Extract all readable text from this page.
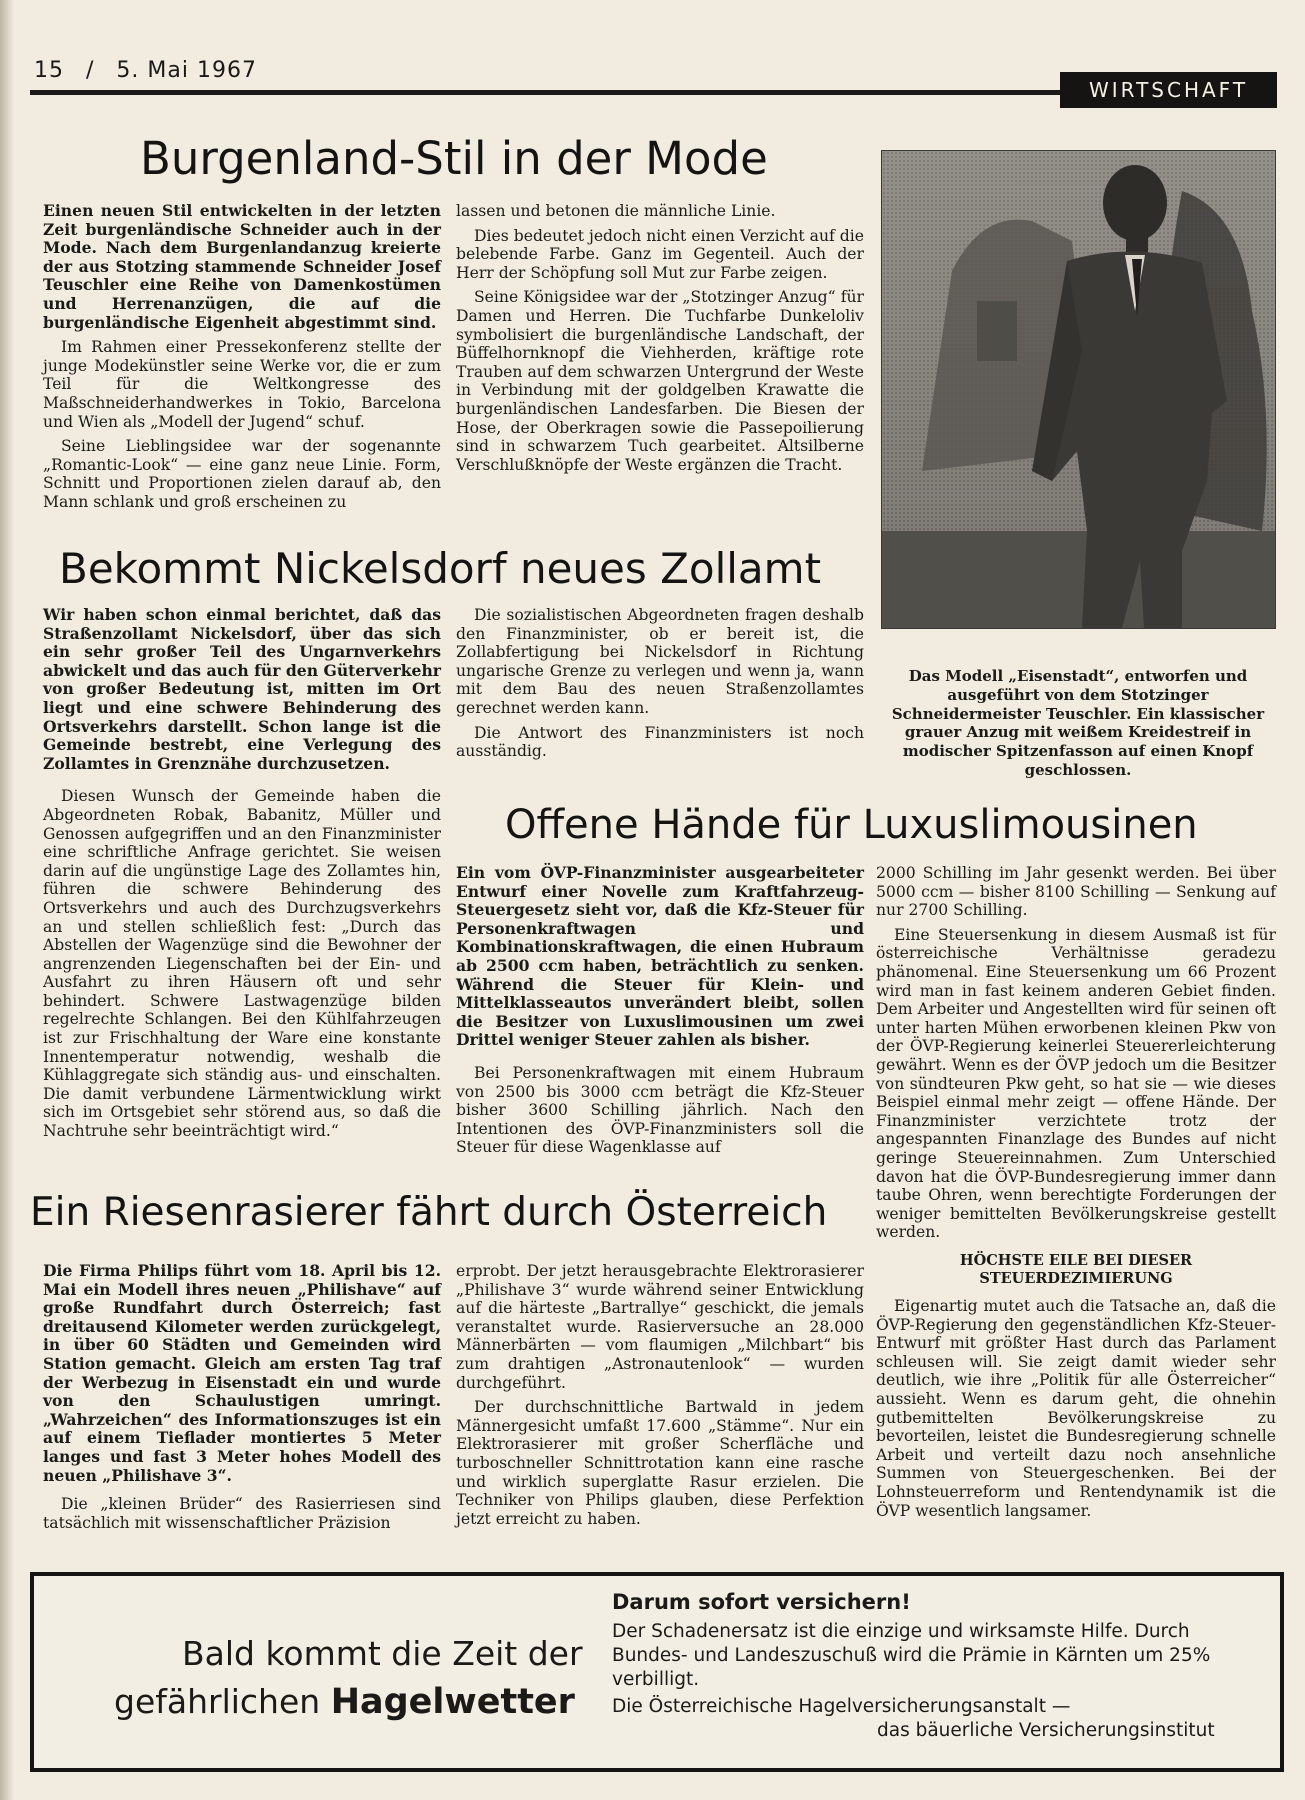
15 / 5. Mai 1967
WIRTSCHAFT
Burgenland-Stil in der Mode

Einen neuen Stil entwickelten in der letzten Zeit burgenländische Schneider auch in der Mode. Nach dem Burgenlandanzug kreierte der aus Stotzing stammende Schneider Josef Teuschler eine Reihe von Damenkostümen und Herrenanzügen, die auf die burgenländische Eigenheit abgestimmt sind.

Im Rahmen einer Pressekonferenz stellte der junge Modekünstler seine Werke vor, die er zum Teil für die Weltkongresse des Maßschneiderhandwerkes in Tokio, Barcelona und Wien als „Modell der Jugend“ schuf.

Seine Lieblingsidee war der sogenannte „Romantic-Look“ — eine ganz neue Linie. Form, Schnitt und Proportionen zielen darauf ab, den Mann schlank und groß erscheinen zu

lassen und betonen die männliche Linie.

Dies bedeutet jedoch nicht einen Verzicht auf die belebende Farbe. Ganz im Gegenteil. Auch der Herr der Schöpfung soll Mut zur Farbe zeigen.

Seine Königsidee war der „Stotzinger Anzug“ für Damen und Herren. Die Tuchfarbe Dunkeloliv symbolisiert die burgenländische Landschaft, der Büffelhornknopf die Viehherden, kräftige rote Trauben auf dem schwarzen Untergrund der Weste in Verbindung mit der goldgelben Krawatte die burgenländischen Landesfarben. Die Biesen der Hose, der Oberkragen sowie die Passepoilierung sind in schwarzem Tuch gearbeitet. Altsilberne Verschlußknöpfe der Weste ergänzen die Tracht.

Das Modell „Eisenstadt“, entworfen und ausgeführt von dem Stotzinger Schneidermeister Teuschler. Ein klassischer grauer Anzug mit weißem Kreidestreif in modischer Spitzenfasson auf einen Knopf geschlossen.
Bekommt Nickelsdorf neues Zollamt

Wir haben schon einmal berichtet, daß das Straßenzollamt Nickelsdorf, über das sich ein sehr großer Teil des Ungarnverkehrs abwickelt und das auch für den Güterverkehr von großer Bedeutung ist, mitten im Ort liegt und eine schwere Behinderung des Ortsverkehrs darstellt. Schon lange ist die Gemeinde bestrebt, eine Verlegung des Zollamtes in Grenznähe durchzusetzen.

Diesen Wunsch der Gemeinde haben die Abgeordneten Robak, Babanitz, Müller und Genossen aufgegriffen und an den Finanzminister eine schriftliche Anfrage gerichtet. Sie weisen darin auf die ungünstige Lage des Zollamtes hin, führen die schwere Behinderung des Ortsverkehrs und auch des Durchzugsverkehrs an und stellen schließlich fest: „Durch das Abstellen der Wagenzüge sind die Bewohner der angrenzenden Liegenschaften bei der Ein- und Ausfahrt zu ihren Häusern oft und sehr behindert. Schwere Lastwagenzüge bilden regelrechte Schlangen. Bei den Kühlfahrzeugen ist zur Frischhaltung der Ware eine konstante Innentemperatur notwendig, weshalb die Kühlaggregate sich ständig aus- und einschalten. Die damit verbundene Lärmentwicklung wirkt sich im Ortsgebiet sehr störend aus, so daß die Nachtruhe sehr beeinträchtigt wird.“

Die sozialistischen Abgeordneten fragen deshalb den Finanzminister, ob er bereit ist, die Zollabfertigung bei Nickelsdorf in Richtung ungarische Grenze zu verlegen und wenn ja, wann mit dem Bau des neuen Straßenzollamtes gerechnet werden kann.

Die Antwort des Finanzministers ist noch ausständig.

Offene Hände für Luxuslimousinen

Ein vom ÖVP-Finanzminister ausgearbeiteter Entwurf einer Novelle zum Kraftfahrzeug-Steuergesetz sieht vor, daß die Kfz-Steuer für Personenkraftwagen und Kombinationskraftwagen, die einen Hubraum ab 2500 ccm haben, beträchtlich zu senken. Während die Steuer für Klein- und Mittelklasseautos unverändert bleibt, sollen die Besitzer von Luxuslimousinen um zwei Drittel weniger Steuer zahlen als bisher.

Bei Personenkraftwagen mit einem Hubraum von 2500 bis 3000 ccm beträgt die Kfz-Steuer bisher 3600 Schilling jährlich. Nach den Intentionen des ÖVP-Finanzministers soll die Steuer für diese Wagenklasse auf

2000 Schilling im Jahr gesenkt werden. Bei über 5000 ccm — bisher 8100 Schilling — Senkung auf nur 2700 Schilling.

Eine Steuersenkung in diesem Ausmaß ist für österreichische Verhältnisse geradezu phänomenal. Eine Steuersenkung um 66 Prozent wird man in fast keinem anderen Gebiet finden. Dem Arbeiter und Angestellten wird für seinen oft unter harten Mühen erworbenen kleinen Pkw von der ÖVP-Regierung keinerlei Steuererleichterung gewährt. Wenn es der ÖVP jedoch um die Besitzer von sündteuren Pkw geht, so hat sie — wie dieses Beispiel einmal mehr zeigt — offene Hände. Der Finanzminister verzichtete trotz der angespannten Finanzlage des Bundes auf nicht geringe Steuereinnahmen. Zum Unterschied davon hat die ÖVP-Bundesregierung immer dann taube Ohren, wenn berechtigte Forderungen der weniger bemittelten Bevölkerungskreise gestellt werden.

HÖCHSTE EILE BEI DIESER STEUERDEZIMIERUNG

Eigenartig mutet auch die Tatsache an, daß die ÖVP-Regierung den gegenständlichen Kfz-Steuer-Entwurf mit größter Hast durch das Parlament schleusen will. Sie zeigt damit wieder sehr deutlich, wie ihre „Politik für alle Österreicher“ aussieht. Wenn es darum geht, die ohnehin gutbemittelten Bevölkerungskreise zu bevorteilen, leistet die Bundesregierung schnelle Arbeit und verteilt dazu noch ansehnliche Summen von Steuergeschenken. Bei der Lohnsteuerreform und Rentendynamik ist die ÖVP wesentlich langsamer.

Ein Riesenrasierer fährt durch Österreich

Die Firma Philips führt vom 18. April bis 12. Mai ein Modell ihres neuen „Philishave“ auf große Rundfahrt durch Österreich; fast dreitausend Kilometer werden zurückgelegt, in über 60 Städten und Gemeinden wird Station gemacht. Gleich am ersten Tag traf der Werbezug in Eisenstadt ein und wurde von den Schaulustigen umringt. „Wahrzeichen“ des Informationszuges ist ein auf einem Tieflader montiertes 5 Meter langes und fast 3 Meter hohes Modell des neuen „Philishave 3“.

Die „kleinen Brüder“ des Rasierriesen sind tatsächlich mit wissenschaftlicher Präzision

erprobt. Der jetzt herausgebrachte Elektrorasierer „Philishave 3“ wurde während seiner Entwicklung auf die härteste „Bartrallye“ geschickt, die jemals veranstaltet wurde. Rasierversuche an 28.000 Männerbärten — vom flaumigen „Milchbart“ bis zum drahtigen „Astronautenlook“ — wurden durchgeführt.

Der durchschnittliche Bartwald in jedem Männergesicht umfaßt 17.600 „Stämme“. Nur ein Elektrorasierer mit großer Scherfläche und turboschneller Schnittrotation kann eine rasche und wirklich superglatte Rasur erzielen. Die Techniker von Philips glauben, diese Perfektion jetzt erreicht zu haben.

Bald kommt die Zeit der
gefährlichen Hagelwetter
Darum sofort versichern!
Der Schadenersatz ist die einzige und wirksamste Hilfe. Durch Bundes- und Landeszuschuß wird die Prämie in Kärnten um 25% verbilligt.
Die Österreichische Hagelversicherungsanstalt —
das bäuerliche Versicherungsinstitut
